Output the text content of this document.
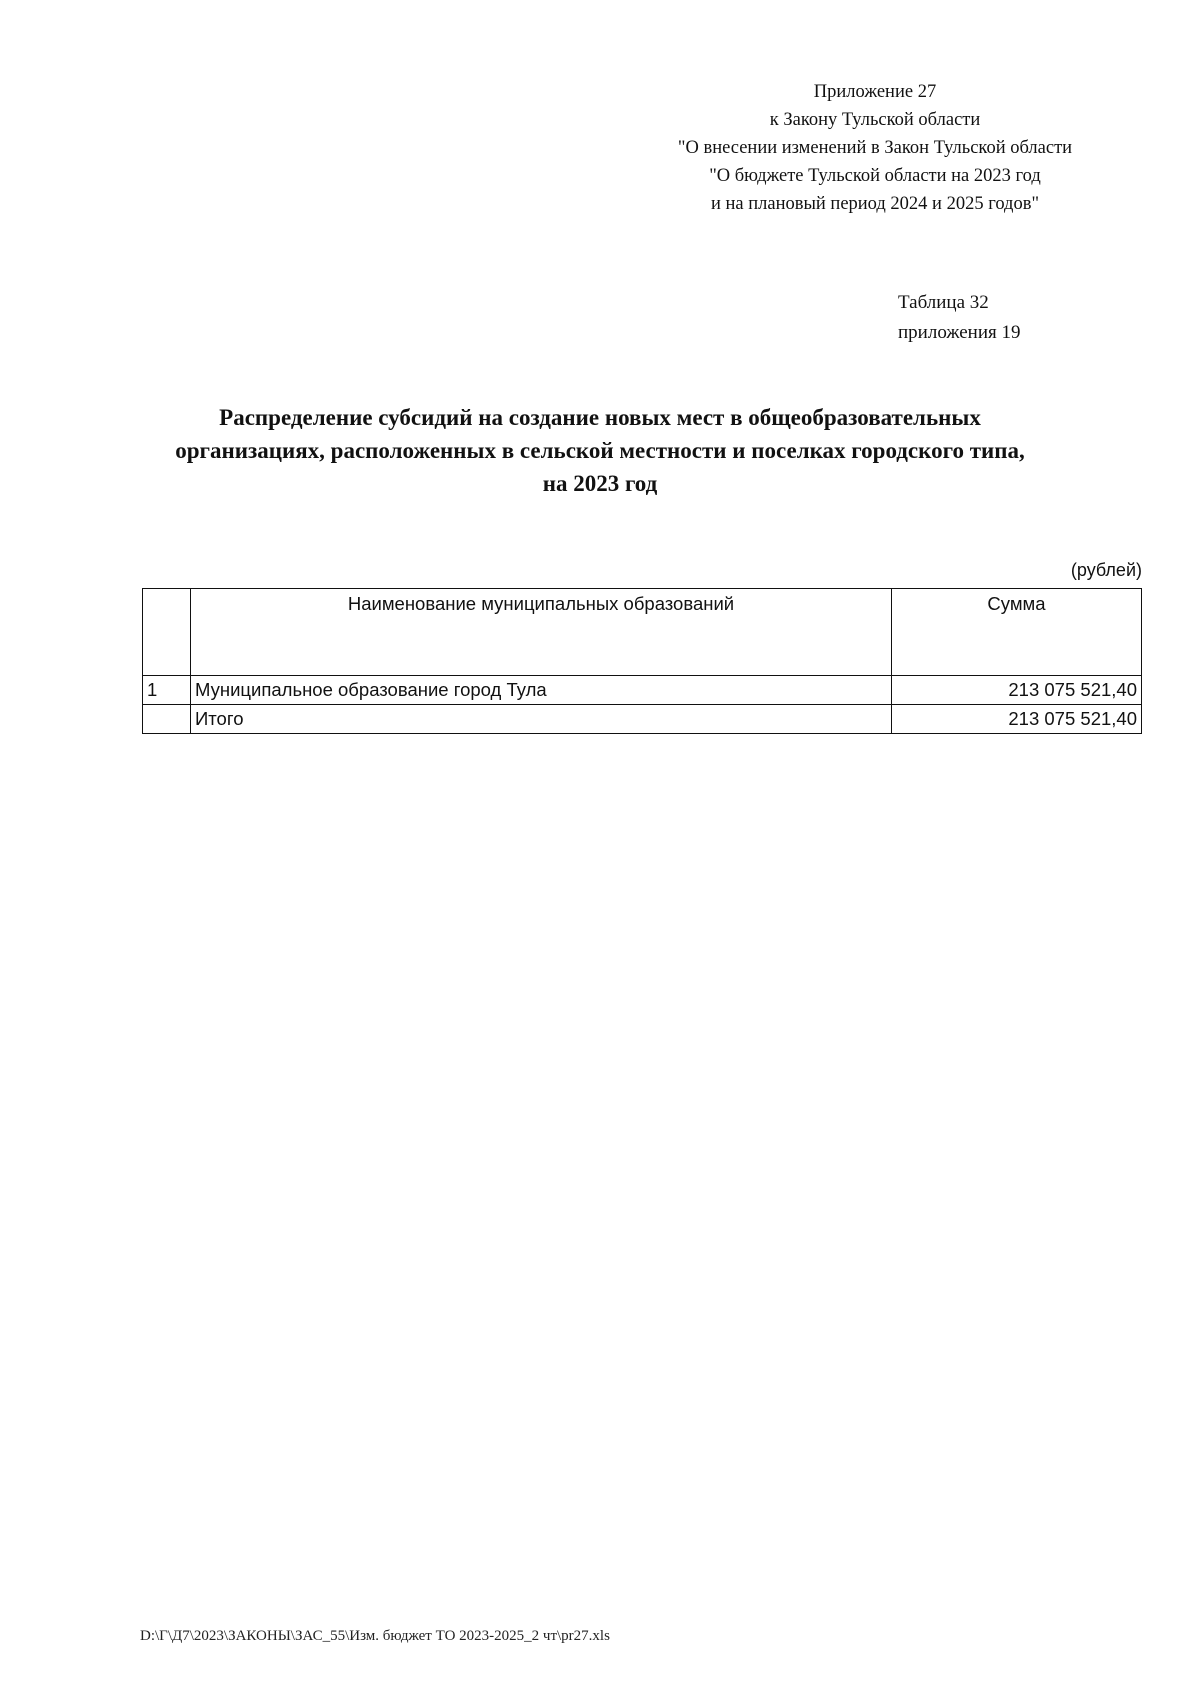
Приложение 27
к Закону Тульской области
"О внесении изменений в Закон Тульской области
"О бюджете Тульской области на 2023 год
и на плановый период 2024 и 2025 годов"
Таблица 32
приложения 19
Распределение субсидий на создание новых мест в общеобразовательных
организациях, расположенных в сельской местности и поселках городского типа,
на 2023 год
(рублей)
	Наименование муниципальных образований	Сумма
1	Муниципальное образование город Тула	213 075 521,40
	Итого	213 075 521,40
D:\Г\Д7\2023\ЗАКОНЫ\ЗАС_55\Изм. бюджет ТО 2023-2025_2 чт\pr27.xls
